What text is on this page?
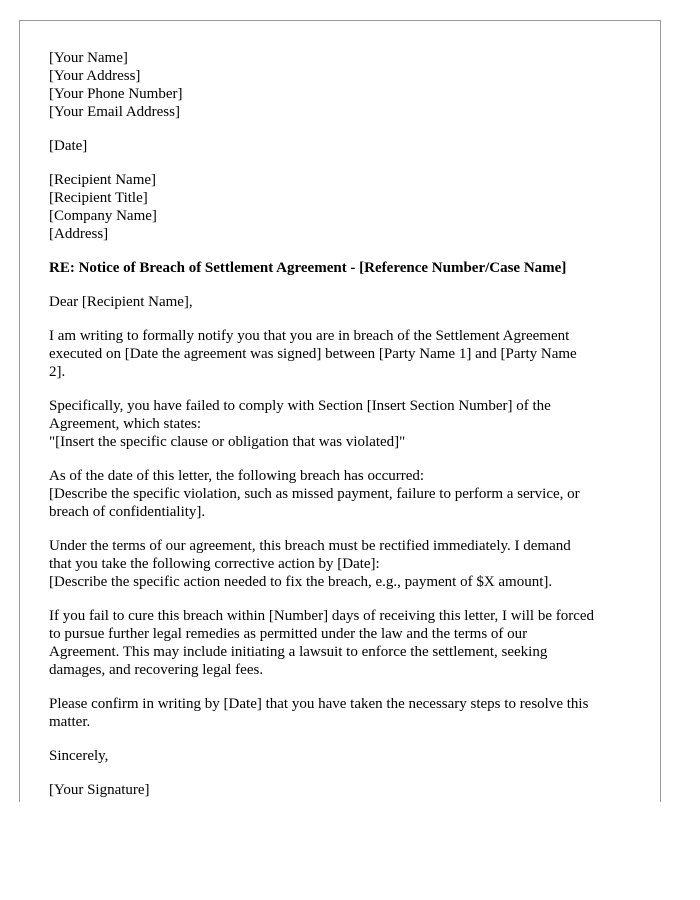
[Your Name]
[Your Address]
[Your Phone Number]
[Your Email Address]
[Date]
[Recipient Name]
[Recipient Title]
[Company Name]
[Address]
RE: Notice of Breach of Settlement Agreement - [Reference Number/Case Name]
Dear [Recipient Name],
I am writing to formally notify you that you are in breach of the Settlement Agreement
executed on [Date the agreement was signed] between [Party Name 1] and [Party Name
2].
Specifically, you have failed to comply with Section [Insert Section Number] of the
Agreement, which states:
"[Insert the specific clause or obligation that was violated]"
As of the date of this letter, the following breach has occurred:
[Describe the specific violation, such as missed payment, failure to perform a service, or
breach of confidentiality].
Under the terms of our agreement, this breach must be rectified immediately. I demand
that you take the following corrective action by [Date]:
[Describe the specific action needed to fix the breach, e.g., payment of $X amount].
If you fail to cure this breach within [Number] days of receiving this letter, I will be forced
to pursue further legal remedies as permitted under the law and the terms of our
Agreement. This may include initiating a lawsuit to enforce the settlement, seeking
damages, and recovering legal fees.
Please confirm in writing by [Date] that you have taken the necessary steps to resolve this
matter.
Sincerely,
[Your Signature]
